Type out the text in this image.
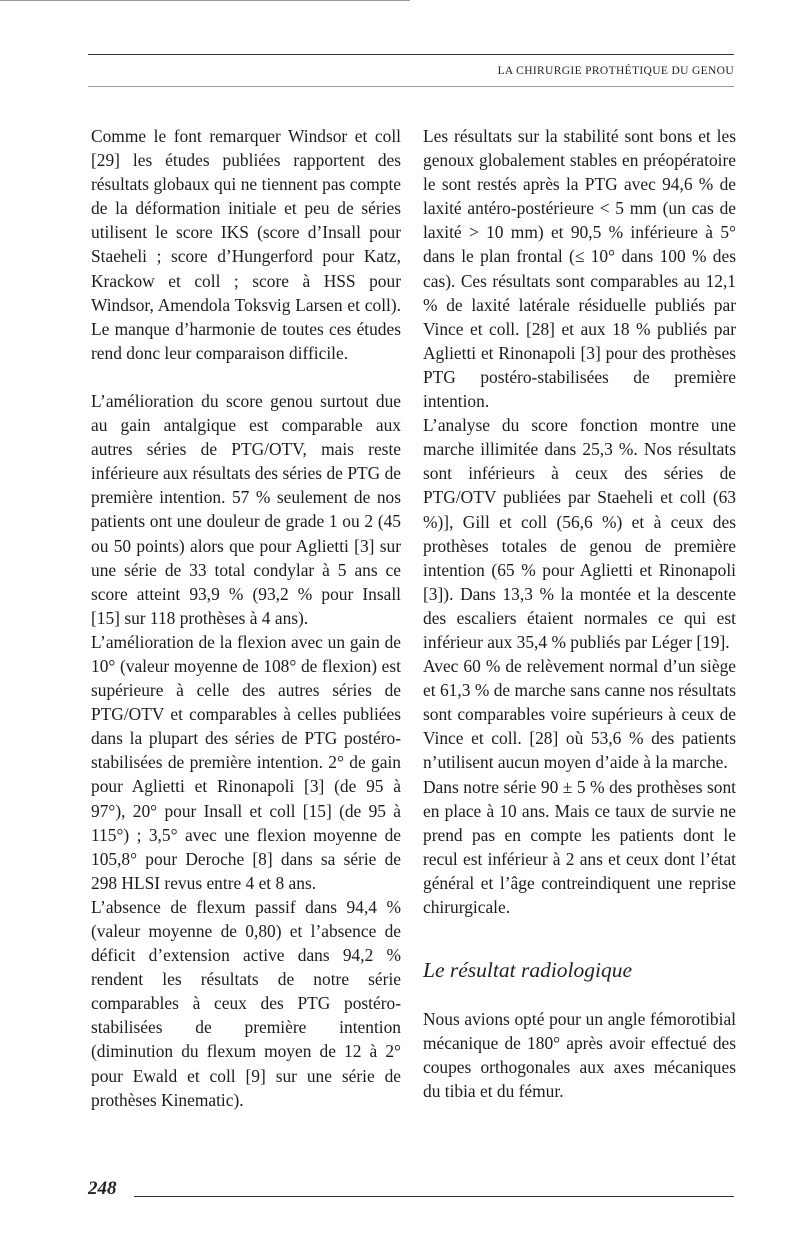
LA CHIRURGIE PROTHÉTIQUE DU GENOU

Comme le font remarquer Windsor et coll [29] les études publiées rapportent des résultats globaux qui ne tiennent pas compte de la déformation initiale et peu de séries utilisent le score IKS (score d’Insall pour Staeheli ; score d’Hungerford pour Katz, Krackow et coll ; score à HSS pour Windsor, Amendola Toksvig Larsen et coll). Le manque d’harmonie de toutes ces études rend donc leur comparaison difficile.

L’amélioration du score genou surtout due au gain antalgique est comparable aux autres séries de PTG/OTV, mais reste inférieure aux résultats des séries de PTG de première intention. 57 % seulement de nos patients ont une douleur de grade 1 ou 2 (45 ou 50 points) alors que pour Aglietti [3] sur une série de 33 total condylar à 5 ans ce score atteint 93,9 % (93,2 % pour Insall [15] sur 118 prothèses à 4 ans).

L’amélioration de la flexion avec un gain de 10° (valeur moyenne de 108° de flexion) est supérieure à celle des autres séries de PTG/OTV et comparables à celles publiées dans la plupart des séries de PTG postéro-stabilisées de première intention. 2° de gain pour Aglietti et Rinonapoli [3] (de 95 à 97°), 20° pour Insall et coll [15] (de 95 à 115°) ; 3,5° avec une flexion moyenne de 105,8° pour Deroche [8] dans sa série de 298 HLSI revus entre 4 et 8 ans.

L’absence de flexum passif dans 94,4 % (valeur moyenne de 0,80) et l’absence de déficit d’extension active dans 94,2 % rendent les résultats de notre série comparables à ceux des PTG postéro-stabilisées de première intention (diminution du flexum moyen de 12 à 2° pour Ewald et coll [9] sur une série de prothèses Kinematic).

Les résultats sur la stabilité sont bons et les genoux globalement stables en préopératoire le sont restés après la PTG avec 94,6 % de laxité antéro-postérieure < 5 mm (un cas de laxité > 10 mm) et 90,5 % inférieure à 5° dans le plan frontal (≤ 10° dans 100 % des cas). Ces résultats sont comparables au 12,1 % de laxité latérale résiduelle publiés par Vince et coll. [28] et aux 18 % publiés par Aglietti et Rinonapoli [3] pour des prothèses PTG postéro-stabilisées de première intention.

L’analyse du score fonction montre une marche illimitée dans 25,3 %. Nos résultats sont inférieurs à ceux des séries de PTG/OTV publiées par Staeheli et coll (63 %)], Gill et coll (56,6 %) et à ceux des prothèses totales de genou de première intention (65 % pour Aglietti et Rinonapoli [3]). Dans 13,3 % la montée et la descente des escaliers étaient normales ce qui est inférieur aux 35,4 % publiés par Léger [19].

Avec 60 % de relèvement normal d’un siège et 61,3 % de marche sans canne nos résultats sont comparables voire supérieurs à ceux de Vince et coll. [28] où 53,6 % des patients n’utilisent aucun moyen d’aide à la marche.

Dans notre série 90 ± 5 % des prothèses sont en place à 10 ans. Mais ce taux de survie ne prend pas en compte les patients dont le recul est inférieur à 2 ans et ceux dont l’état général et l’âge contreindiquent une reprise chirurgicale.

Le résultat radiologique

Nous avions opté pour un angle fémorotibial mécanique de 180° après avoir effectué des coupes orthogonales aux axes mécaniques du tibia et du fémur.

248
